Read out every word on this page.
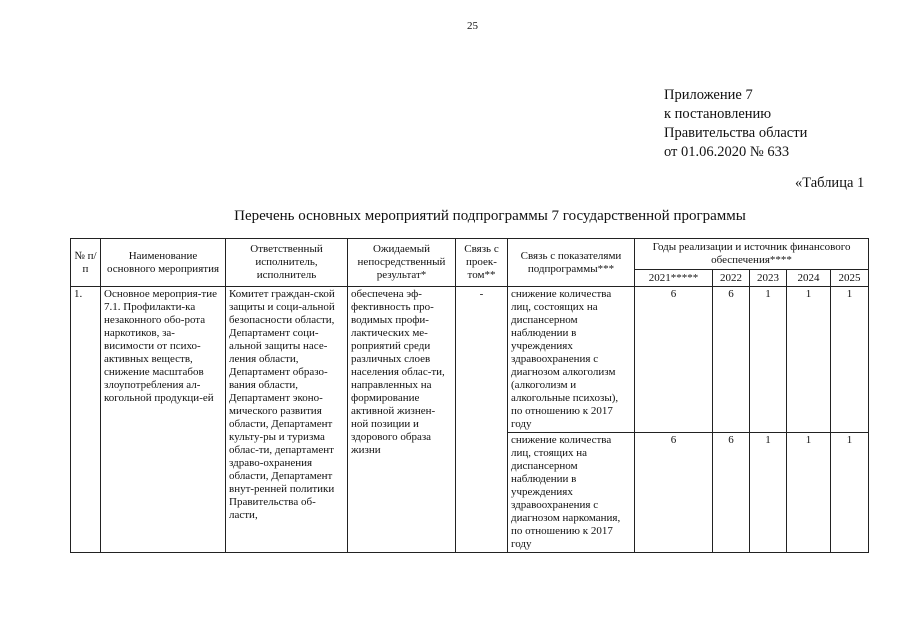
25
Приложение 7
к постановлению
Правительства области
от 01.06.2020 № 633
«Таблица 1
Перечень основных мероприятий подпрограммы 7 государственной программы
№ п/п	Наименование основного мероприятия	Ответственный исполнитель, исполнитель	Ожидаемый непосредственный результат*	Связь с проек-том**	Связь с показателями подпрограммы***	Годы реализации и источник финансового обеспечения****				
						2021*****	2022	2023	2024	2025
1.	Основное мероприя-тие 7.1. Профилакти-ка незаконного обо-рота наркотиков, за-висимости от психо-активных веществ, снижение масштабов злоупотребления ал-когольной продукци-ей	Комитет граждан-ской защиты и соци-альной безопасности области, Департамент соци-альной защиты насе-ления области, Департамент образо-вания области, Департамент эконо-мического развития области, Департамент культу-ры и туризма облас-ти, департамент здраво-охранения области, Департамент внут-ренней политики Правительства об-ласти,	обеспечена эф-фективность про-водимых профи-лактических ме-роприятий среди различных слоев населения облас-ти, направленных на формирование активной жизнен-ной позиции и здорового образа жизни	-	снижение количества лиц, состоящих на диспансерном наблюдении в учреждениях здравоохранения с диагнозом алкоголизм (алкоголизм и алкогольные психозы), по отношению к 2017 году	6	6	1	1	1
					снижение количества лиц, стоящих на диспансерном наблюдении в учреждениях здравоохранения с диагнозом наркомания, по отношению к 2017 году	6	6	1	1	1
